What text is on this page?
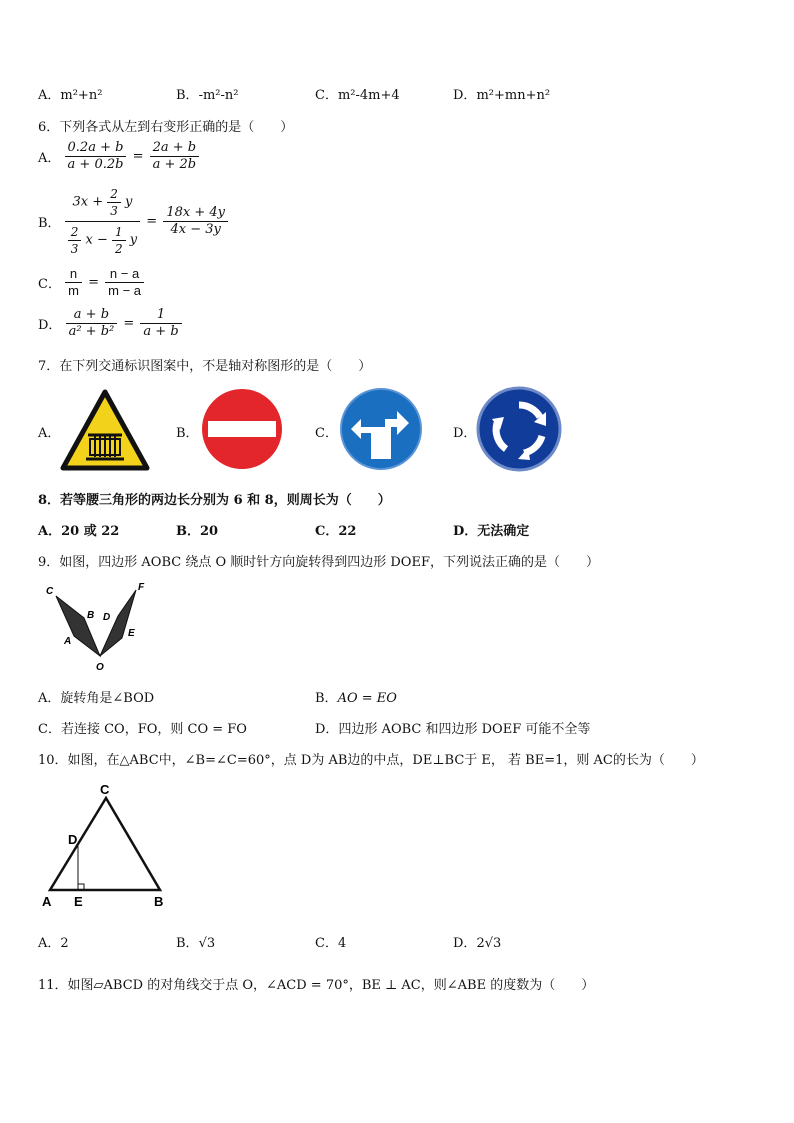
A．m²+n²	B．-m²-n²	C．m²-4m+4	D．m²+mn+n²
6．下列各式从左到右变形正确的是（　　）
A． $\frac{0.2a + b}{a + 0.2b} = \frac{2a + b}{a + 2b}$
B． $\frac{3x + \frac{2}{3} y}{\frac{2}{3} x - \frac{1}{2} y} = \frac{18x + 4y}{4x - 3y}$
C． $\frac{n}{m} = \frac{n - a}{m - a}$
D． $\frac{a + b}{\text{a² + b²}} = \frac{1}{a + b}$
7．在下列交通标识图案中，不是轴对称图形的是（　　）
A．	B．	C．	D．
8．若等腰三角形的两边长分别为 6 和 8，则周长为（　　）
A．20 或 22	B．20	C．22	D．无法确定
9．如图，四边形 AOBC 绕点 O 顺时针方向旋转得到四边形 DOEF，下列说法正确的是（　　）
C
B D
F
A
E
O
A．旋转角是∠BOD	B．AO = EO
C．若连接 CO，FO，则 CO = FO	D．四边形 AOBC 和四边形 DOEF 可能不全等
10．如图，在△ABC中，∠B=∠C=60°，点 D为 AB边的中点，DE⊥BC于 E， 若 BE=1，则 AC的长为（　　）
C
D
A E	B
A．2	B．√3	C．4	D．2√3
11．如图▱ABCD 的对角线交于点 O，∠ACD = 70°，BE ⊥ AC，则∠ABE 的度数为（　　）
